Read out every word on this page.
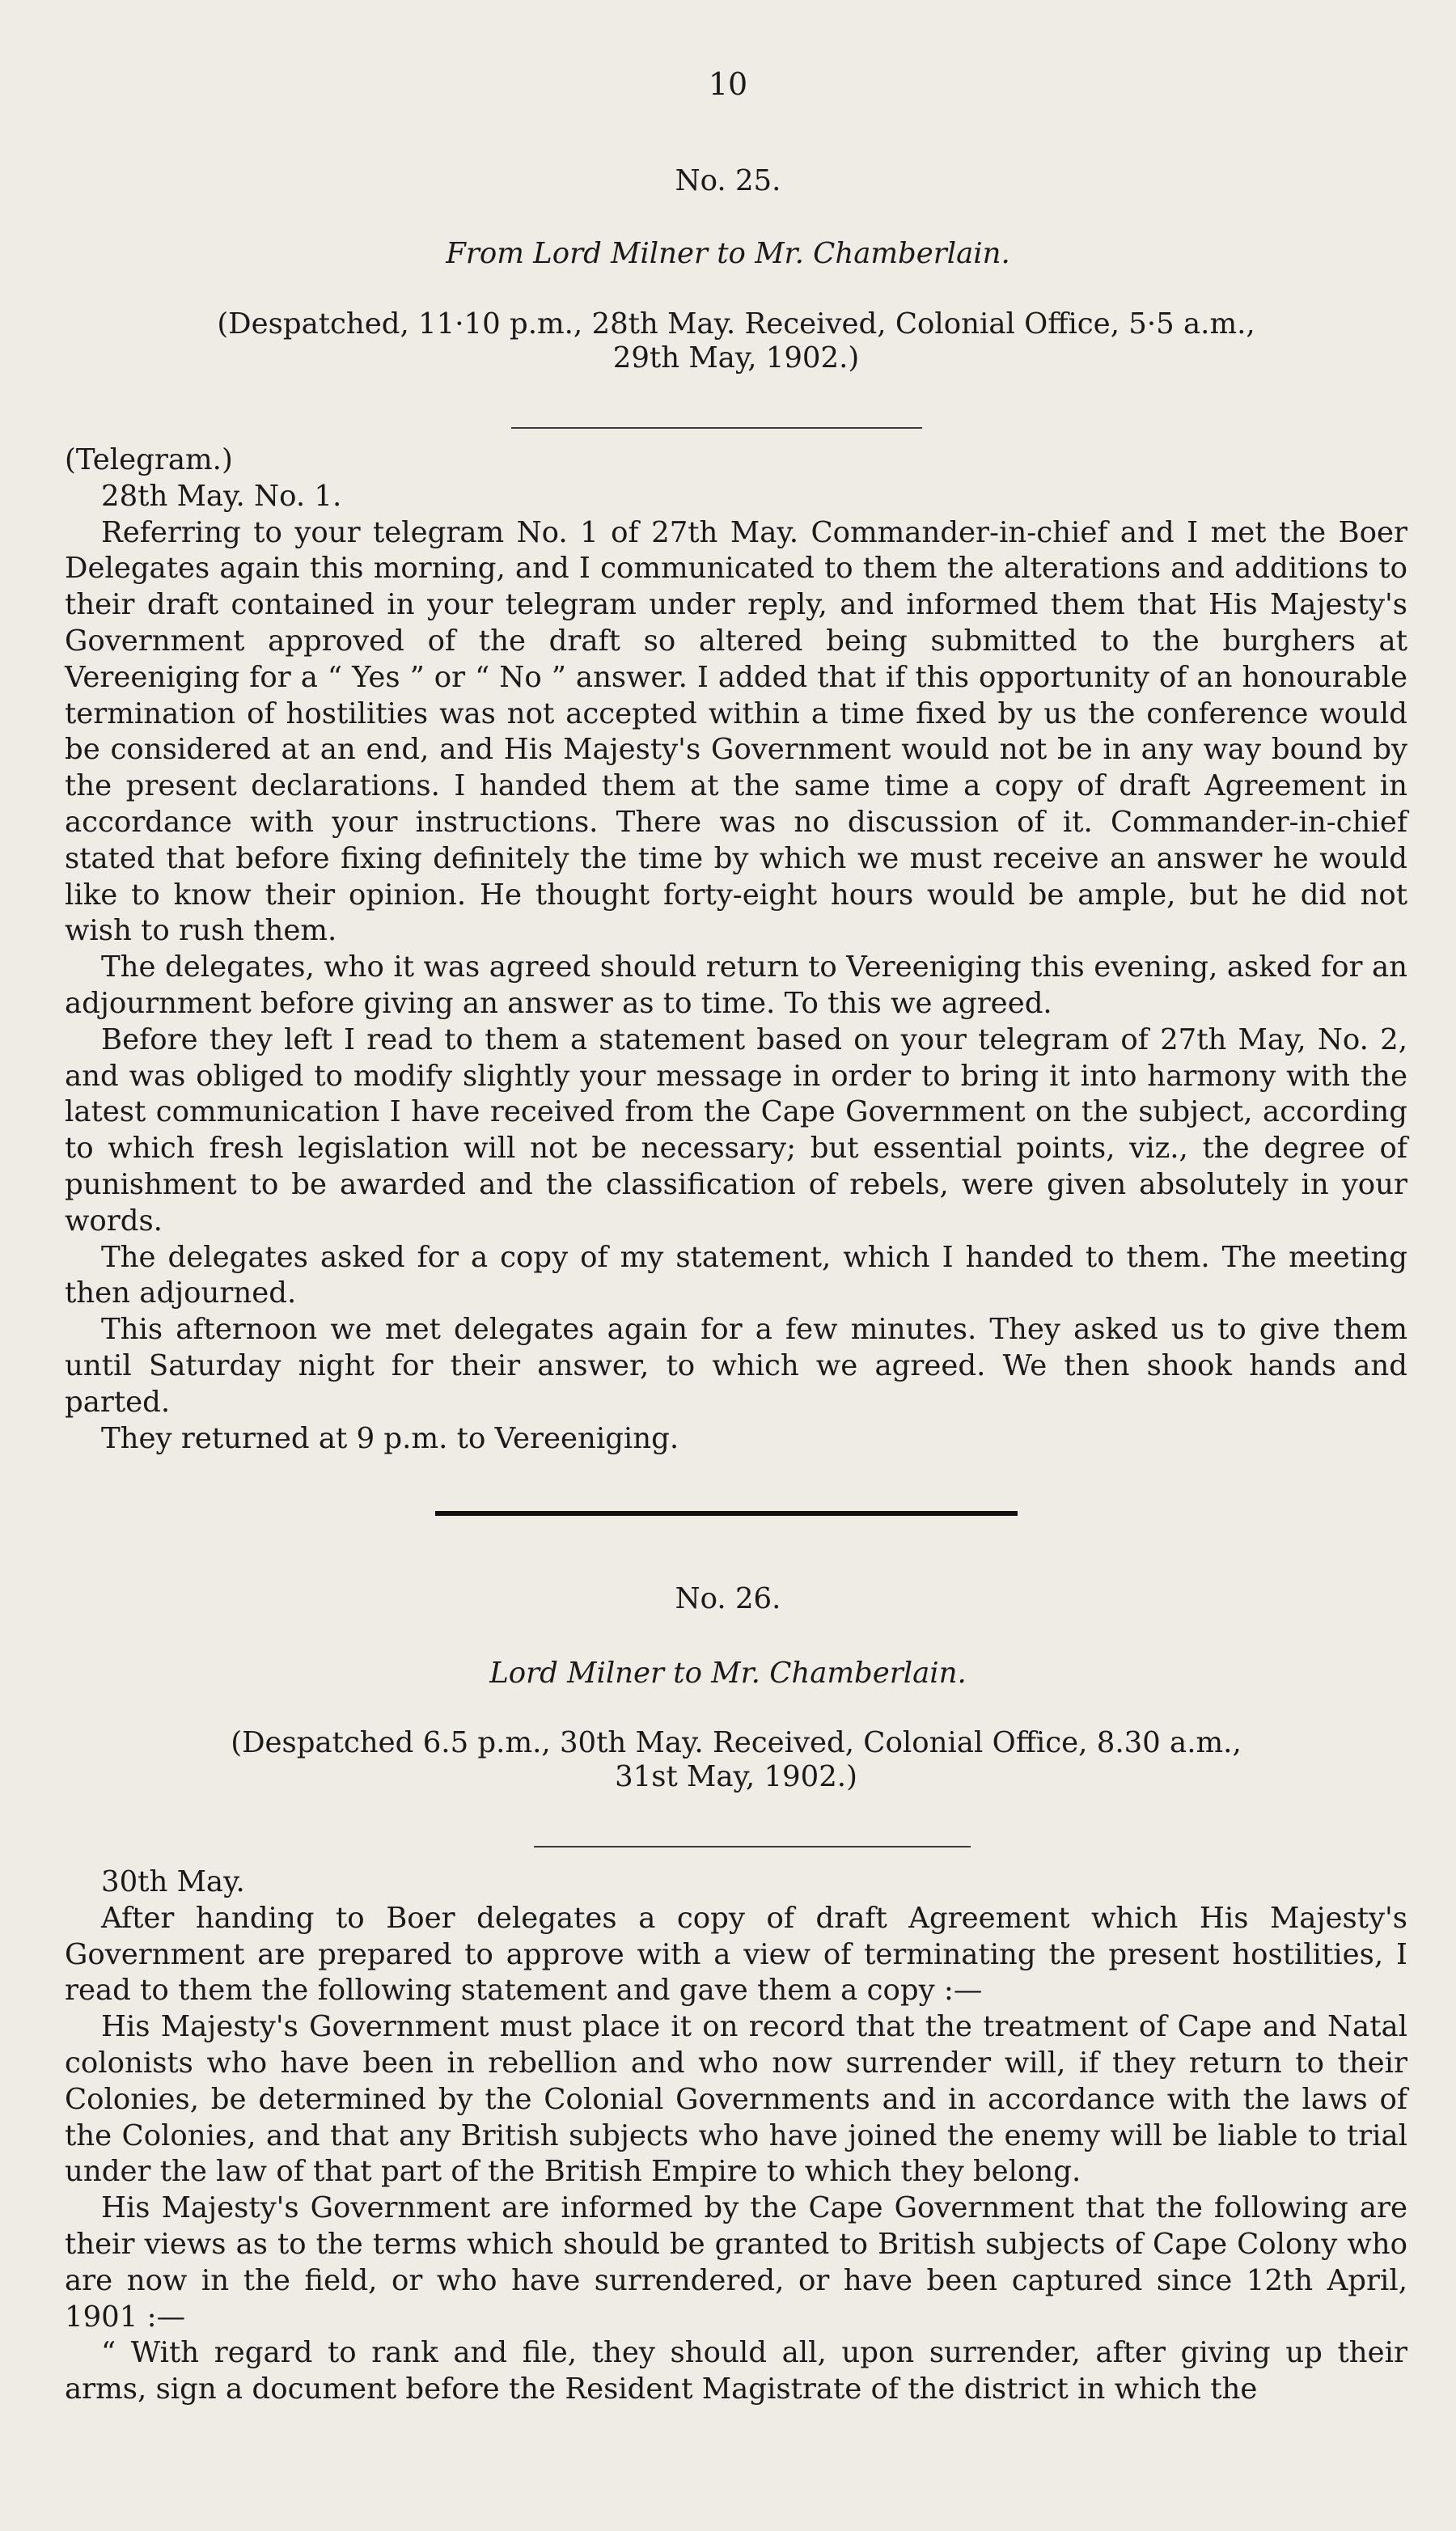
10
No. 25.
From Lord Milner to Mr. Chamberlain.
(Despatched, 11·10 p.m., 28th May. Received, Colonial Office, 5·5 a.m.,
29th May, 1902.)

(Telegram.)

28th May. No. 1.

Referring to your telegram No. 1 of 27th May. Commander-in-chief and I met the Boer Delegates again this morning, and I communicated to them the alterations and additions to their draft contained in your telegram under reply, and informed them that His Majesty's Government approved of the draft so altered being submitted to the burghers at Vereeniging for a “ Yes ” or “ No ” answer. I added that if this opportunity of an honourable termination of hostilities was not accepted within a time fixed by us the conference would be considered at an end, and His Majesty's Government would not be in any way bound by the present declarations. I handed them at the same time a copy of draft Agreement in accordance with your instructions. There was no discussion of it. Commander-in-chief stated that before fixing definitely the time by which we must receive an answer he would like to know their opinion. He thought forty-eight hours would be ample, but he did not wish to rush them.

The delegates, who it was agreed should return to Vereeniging this evening, asked for an adjournment before giving an answer as to time. To this we agreed.

Before they left I read to them a statement based on your telegram of 27th May, No. 2, and was obliged to modify slightly your message in order to bring it into harmony with the latest communication I have received from the Cape Government on the subject, according to which fresh legislation will not be necessary; but essential points, viz., the degree of punishment to be awarded and the classification of rebels, were given absolutely in your words.

The delegates asked for a copy of my statement, which I handed to them. The meeting then adjourned.

This afternoon we met delegates again for a few minutes. They asked us to give them until Saturday night for their answer, to which we agreed. We then shook hands and parted.

They returned at 9 p.m. to Vereeniging.

No. 26.
Lord Milner to Mr. Chamberlain.
(Despatched 6.5 p.m., 30th May. Received, Colonial Office, 8.30 a.m.,
31st May, 1902.)

30th May.

After handing to Boer delegates a copy of draft Agreement which His Majesty's Government are prepared to approve with a view of terminating the present hostilities, I read to them the following statement and gave them a copy :—

His Majesty's Government must place it on record that the treatment of Cape and Natal colonists who have been in rebellion and who now surrender will, if they return to their Colonies, be determined by the Colonial Governments and in accordance with the laws of the Colonies, and that any British subjects who have joined the enemy will be liable to trial under the law of that part of the British Empire to which they belong.

His Majesty's Government are informed by the Cape Government that the following are their views as to the terms which should be granted to British subjects of Cape Colony who are now in the field, or who have surrendered, or have been captured since 12th April, 1901 :—

“ With regard to rank and file, they should all, upon surrender, after giving up their arms, sign a document before the Resident Magistrate of the district in which the
